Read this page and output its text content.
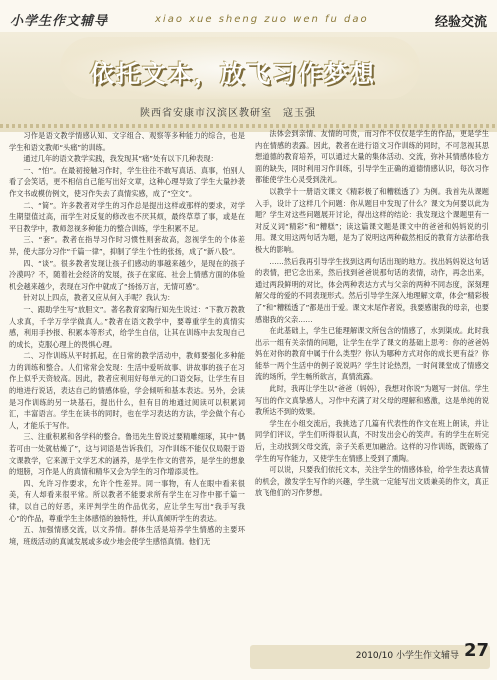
小学生作文辅导	xiao xue sheng zuo wen fu dao	经验交流
依托文本，放飞习作梦想
陕西省安康市汉滨区教研室　寇玉强

习作是语文教学情感认知、文字组合、观察等多种能力的综合，也是学生和语文教师“头痛”的训练。

通过几年的语文教学实践，我发现其“痛”处有以下几种表现：

一、“怕”。在最初接触习作时，学生往往不敢写真话、真事，怕别人看了会笑话，更不相信自己能写出好文章，这种心理导致了学生大量抄袭作文书或模仿例文，使习作失去了真情实感，成了“空文”。

二、“简”。许多教者对学生的习作总是提出这样或那样的要求，对学生期望值过高，而学生对反复的修改也不厌其烦，最终草草了事，或是在平日教学中，教师忽视多种能力的整合训练，学生积累不足。

三、“套”。教者在指导习作时习惯性则套故高，忽视学生的个体差异，使大部分习作“千篇一律”，抑制了学生个性的张扬，成了“新八股”。

四、“谈”。很多教者发现让孩子们感动的事越来越少，是现在的孩子冷漠吗？不，随着社会经济的发展，孩子在家庭、社会上情感方面的体验机会越来越少，表现在习作中就成了“扬扬万言，无情可感”。

针对以上四点，教者又应从何入手呢？我认为：

一、跟助学生写“放胆文”。著名教育家陶行知先生说过：“下教万教教人求真，千学万学学做真人。”教者在语文教学中，要尊重学生的真情实感，利用手抄报、积累本等形式，给学生自信，让其在训练中去发现自己的成长，克服心理上的畏惧心理。

二、习作训练从平时抓起，在日常的教学活动中，教师要强化多种能力的训练和整合。人们常常会发现：生活中爱听故事、讲故事的孩子在习作上似乎天资较高。因此，教者应利用好每单元的口语交际，让学生有目的地进行说话，表达自己的情感体验，学会倾听和基本表达。另外，会读是习作训练的另一块基石，提出什么，但有目的地通过阅读可以积累词汇，丰富语言。学生在读书的同时，也在学习表达的方法，学会做个有心人，才能乐于写作。

三、注重积累和各学科的整合。鲁迅先生曾说过要精雕细琢，其中“偶若可由一处就枯燥了”，这与词语是告诉我们，习作训练不能仅仅局限于语文课教学，它来源于文学艺术的涵养，是学生作文的营养，是学生的想象的翅膀，习作是人的真情和精华又会为学生的习作增添灵性。

四、允许习作要求，允许个性差异。同一事物，有人在眼中看来很美，有人却看来很平常。所以教者不能要求所有学生在习作中都千篇一律，以自己的好恶，来评判学生的作品优劣，应让学生写出“我手写我心”的作品，尊重学生主体感悟的独特性，并认真倾听学生的表达。

五、加强情感交流，以文养情。群体生活是培养学生情感的主要环境，班级活动的真诚发展或多或少地会使学生感悟真情。他们无

法体会到亲情、友情的可贵，而习作不仅仅是学生的作品，更是学生内在情感的表露。因此，教者在进行语文习作训练的同时，不可忽视其思想道德的教育培养，可以通过大量的集体活动、交流，弥补其情感体验方面的缺失，同时利用习作训练，引导学生正确的道德情感认识，每次习作都能使学生心灵受到洗礼。

以教学十一册语文课文《精彩极了和糟糕透了》为例。我首先从课题入手，设计了这样几个问题：你从题目中发现了什么？课文为何要以此为题？学生对这些问题展开讨论，得出这样的结论：我发现这个课题里有一对反义词“精彩”和“糟糕”；读这篇课文题是课文中的爸爸和妈妈说的引用。课文用这两句话为题，是为了说明这两种截然相反的教育方法都给我极大的影响。

……然后我再引导学生找到这两句话出现的地方。找出妈妈说这句话的表情，把它念出来，然后找到爸爸说那句话的表情，动作，再念出来，通过两段鲜明的对比，体会两种表达方式与父亲的两种不同态度，深刻理解父母的爱的不同表现形式。然后引导学生深入地理解文章，体会“精彩极了”和“糟糕透了”都是出于爱。课文末尾作者说，我要感谢我的母亲，也要感谢我的父亲……

在此基础上，学生已能理解课文所包含的情感了，水到渠成。此时我出示一组有关亲情的问题，让学生在学了课文的基础上思考：你的爸爸妈妈在对你的教育中属于什么类型？你认为哪种方式对你的成长更有益？你能举一两个生活中的例子说说吗？学生讨论热烈，一时间课堂成了情感交流的场所，学生畅所欲言，真情流露。

此时，我再让学生以“爸爸（妈妈），我想对你说”为题写一封信。学生写出的作文真挚感人，习作中充满了对父母的理解和感激，这是单纯的说教所达不到的效果。

学生在小组交流后，我挑选了几篇有代表性的作文在班上朗读，并让同学们评议，学生们听得很认真，不时发出会心的笑声。有的学生在听完后，主动找到父母交流，亲子关系更加融洽。这样的习作训练，既锻炼了学生的写作能力，又使学生在情感上受到了熏陶。

可以说，只要我们依托文本，关注学生的情感体验，给学生表达真情的机会，激发学生写作的兴趣，学生就一定能写出文质兼美的作文，真正放飞他们的习作梦想。

2010/10 小学生作文辅导 27
